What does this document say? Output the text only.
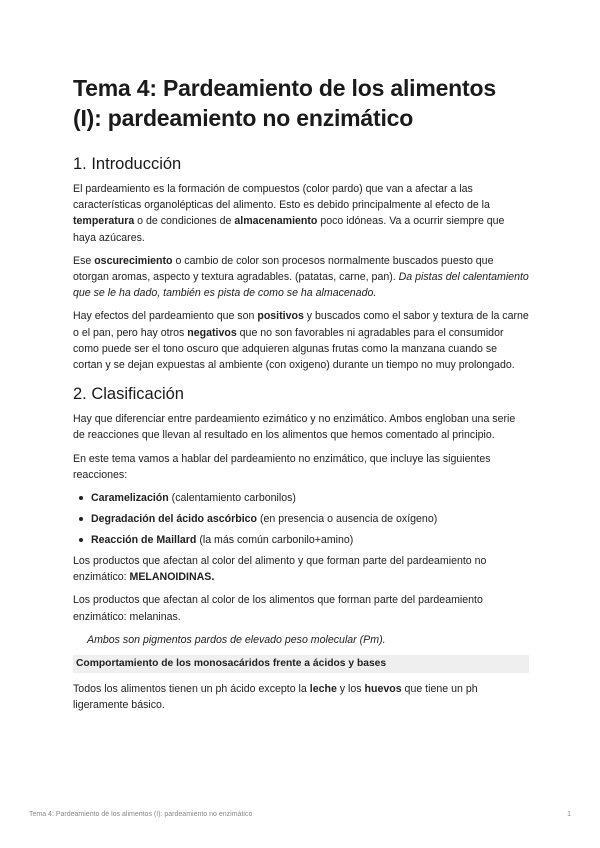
Tema 4: Pardeamiento de los alimentos (I): pardeamiento no enzimático
1. Introducción

El pardeamiento es la formación de compuestos (color pardo) que van a afectar a las características organolépticas del alimento. Esto es debido principalmente al efecto de la temperatura o de condiciones de almacenamiento poco idóneas. Va a ocurrir siempre que haya azúcares.

Ese oscurecimiento o cambio de color son procesos normalmente buscados puesto que otorgan aromas, aspecto y textura agradables. (patatas, carne, pan). Da pistas del calentamiento que se le ha dado, también es pista de como se ha almacenado.

Hay efectos del pardeamiento que son positivos y buscados como el sabor y textura de la carne o el pan, pero hay otros negativos que no son favorables ni agradables para el consumidor como puede ser el tono oscuro que adquieren algunas frutas como la manzana cuando se cortan y se dejan expuestas al ambiente (con oxigeno) durante un tiempo no muy prolongado.

2. Clasificación

Hay que diferenciar entre pardeamiento ezimático y no enzimático. Ambos engloban una serie de reacciones que llevan al resultado en los alimentos que hemos comentado al principio.

En este tema vamos a hablar del pardeamiento no enzimático, que incluye las siguientes reacciones:

Caramelización (calentamiento carbonilos)
Degradación del ácido ascórbico (en presencia o ausencia de oxígeno)
Reacción de Maillard (la más común carbonilo+amino)

Los productos que afectan al color del alimento y que forman parte del pardeamiento no enzimático: MELANOIDINAS.

Los productos que afectan al color de los alimentos que forman parte del pardeamiento enzimático: melaninas.

Ambos son pigmentos pardos de elevado peso molecular (Pm).

Comportamiento de los monosacáridos frente a ácidos y bases

Todos los alimentos tienen un ph ácido excepto la leche y los huevos que tiene un ph ligeramente básico.

Tema 4: Pardeamiento de los alimentos (I): pardeamiento no enzimático	1
